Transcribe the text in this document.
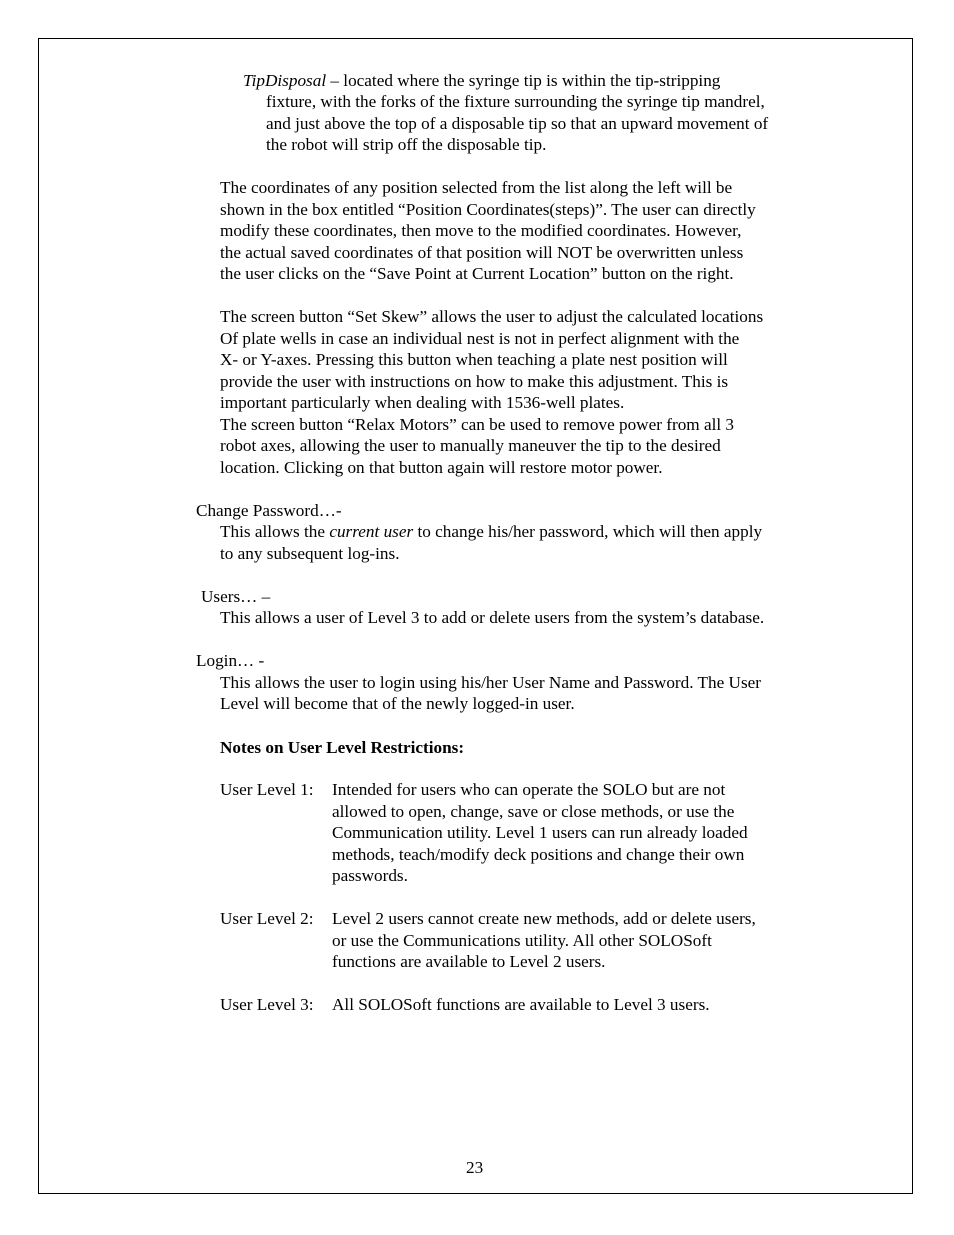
TipDisposal – located where the syringe tip is within the tip-stripping
fixture, with the forks of the fixture surrounding the syringe tip mandrel,
and just above the top of a disposable tip so that an upward movement of
the robot will strip off the disposable tip.
The coordinates of any position selected from the list along the left will be
shown in the box entitled “Position Coordinates(steps)”. The user can directly
modify these coordinates, then move to the modified coordinates. However,
the actual saved coordinates of that position will NOT be overwritten unless
the user clicks on the “Save Point at Current Location” button on the right.
The screen button “Set Skew” allows the user to adjust the calculated locations
Of plate wells in case an individual nest is not in perfect alignment with the
X- or Y-axes. Pressing this button when teaching a plate nest position will
provide the user with instructions on how to make this adjustment. This is
important particularly when dealing with 1536-well plates.
The screen button “Relax Motors” can be used to remove power from all 3
robot axes, allowing the user to manually maneuver the tip to the desired
location. Clicking on that button again will restore motor power.
Change Password…-
This allows the current user to change his/her password, which will then apply
to any subsequent log-ins.
Users… –
This allows a user of Level 3 to add or delete users from the system’s database.
Login… -
This allows the user to login using his/her User Name and Password. The User
Level will become that of the newly logged-in user.
Notes on User Level Restrictions:
User Level 1: Intended for users who can operate the SOLO but are not
allowed to open, change, save or close methods, or use the
Communication utility. Level 1 users can run already loaded
methods, teach/modify deck positions and change their own
passwords.
User Level 2: Level 2 users cannot create new methods, add or delete users,
or use the Communications utility. All other SOLOSoft
functions are available to Level 2 users.
User Level 3: All SOLOSoft functions are available to Level 3 users.
23
